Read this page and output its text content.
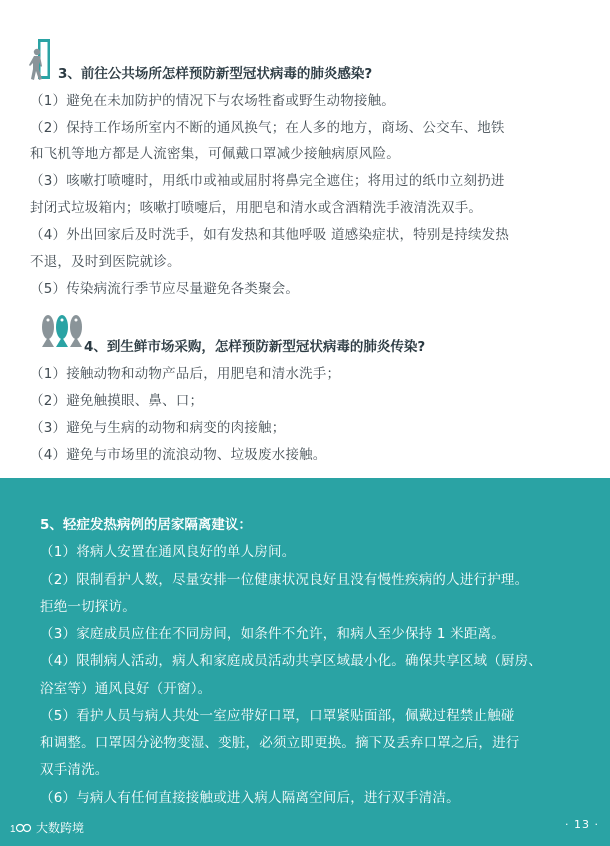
3、前往公共场所怎样预防新型冠状病毒的肺炎感染?
（1）避免在未加防护的情况下与农场牲畜或野生动物接触。
（2）保持工作场所室内不断的通风换气；在人多的地方，商场、公交车、地铁
和飞机等地方都是人流密集，可佩戴口罩减少接触病原风险。
（3）咳嗽打喷嚏时，用纸巾或袖或屈肘将鼻完全遮住；将用过的纸巾立刻扔进
封闭式垃圾箱内；咳嗽打喷嚏后，用肥皂和清水或含酒精洗手液清洗双手。
（4）外出回家后及时洗手，如有发热和其他呼吸 道感染症状，特别是持续发热
不退，及时到医院就诊。
（5）传染病流行季节应尽量避免各类聚会。
4、到生鲜市场采购，怎样预防新型冠状病毒的肺炎传染?
（1）接触动物和动物产品后，用肥皂和清水洗手；
（2）避免触摸眼、鼻、口；
（3）避免与生病的动物和病变的肉接触；
（4）避免与市场里的流浪动物、垃圾废水接触。
5、轻症发热病例的居家隔离建议：
（1）将病人安置在通风良好的单人房间。
（2）限制看护人数，尽量安排一位健康状况良好且没有慢性疾病的人进行护理。
拒绝一切探访。
（3）家庭成员应住在不同房间，如条件不允许，和病人至少保持 1 米距离。
（4）限制病人活动，病人和家庭成员活动共享区域最小化。确保共享区域（厨房、
浴室等）通风良好（开窗）。
（5）看护人员与病人共处一室应带好口罩，口罩紧贴面部，佩戴过程禁止触碰
和调整。口罩因分泌物变湿、变脏，必须立即更换。摘下及丢弃口罩之后，进行
双手清洗。
（6）与病人有任何直接接触或进入病人隔离空间后，进行双手清洁。
1 大数跨境	· 13 ·
